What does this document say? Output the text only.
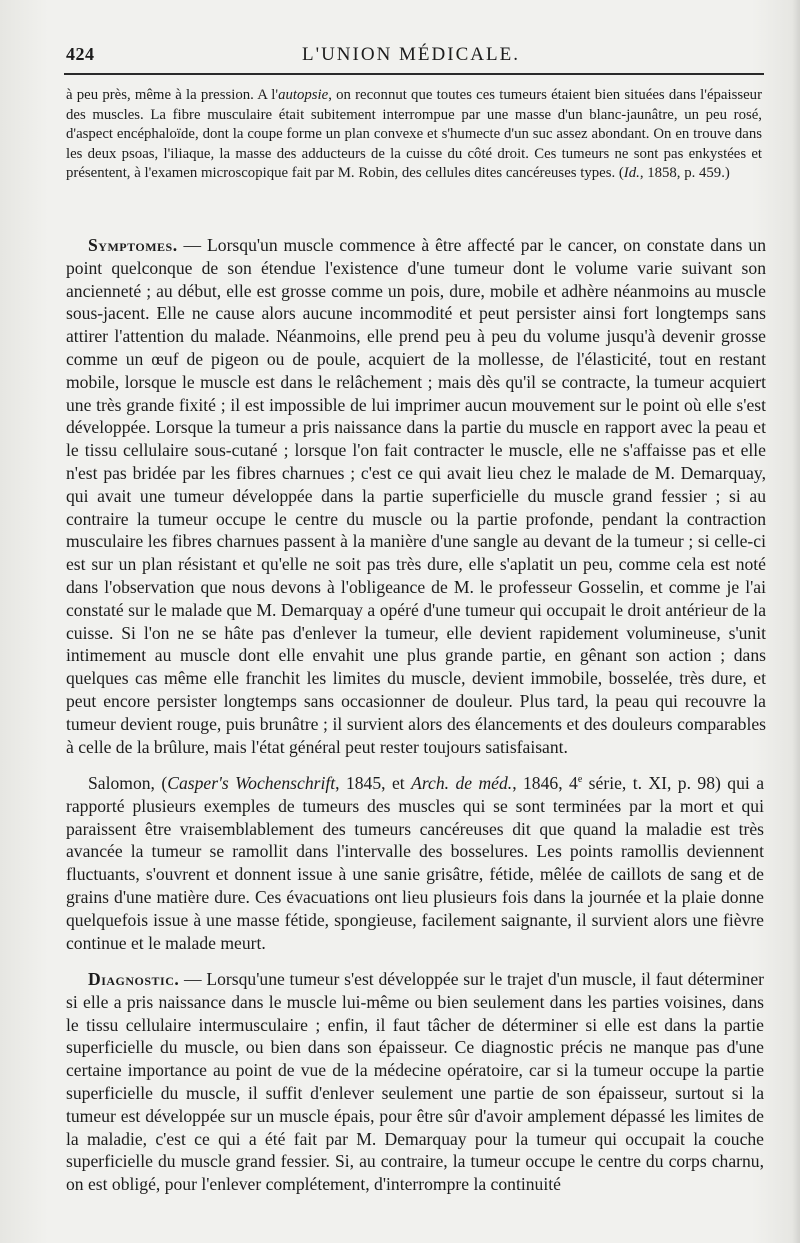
424	L'UNION MÉDICALE.

à peu près, même à la pression. A l'autopsie, on reconnut que toutes ces tumeurs étaient bien situées dans l'épaisseur des muscles. La fibre musculaire était subitement interrompue par une masse d'un blanc-jaunâtre, un peu rosé, d'aspect encéphaloïde, dont la coupe forme un plan convexe et s'humecte d'un suc assez abondant. On en trouve dans les deux psoas, l'iliaque, la masse des adducteurs de la cuisse du côté droit. Ces tumeurs ne sont pas enkystées et présentent, à l'examen microscopique fait par M. Robin, des cellules dites cancéreuses types. (Id., 1858, p. 459.)

Symptomes. — Lorsqu'un muscle commence à être affecté par le cancer, on constate dans un point quelconque de son étendue l'existence d'une tumeur dont le volume varie suivant son ancienneté ; au début, elle est grosse comme un pois, dure, mobile et adhère néanmoins au muscle sous-jacent. Elle ne cause alors aucune incommodité et peut persister ainsi fort longtemps sans attirer l'attention du malade. Néanmoins, elle prend peu à peu du volume jusqu'à devenir grosse comme un œuf de pigeon ou de poule, acquiert de la mollesse, de l'élasticité, tout en restant mobile, lorsque le muscle est dans le relâchement ; mais dès qu'il se contracte, la tumeur acquiert une très grande fixité ; il est impossible de lui imprimer aucun mouvement sur le point où elle s'est développée. Lorsque la tumeur a pris naissance dans la partie du muscle en rapport avec la peau et le tissu cellulaire sous-cutané ; lorsque l'on fait contracter le muscle, elle ne s'affaisse pas et elle n'est pas bridée par les fibres charnues ; c'est ce qui avait lieu chez le malade de M. Demarquay, qui avait une tumeur développée dans la partie superficielle du muscle grand fessier ; si au contraire la tumeur occupe le centre du muscle ou la partie profonde, pendant la contraction musculaire les fibres charnues passent à la manière d'une sangle au devant de la tumeur ; si celle-ci est sur un plan résistant et qu'elle ne soit pas très dure, elle s'aplatit un peu, comme cela est noté dans l'observation que nous devons à l'obligeance de M. le professeur Gosselin, et comme je l'ai constaté sur le malade que M. Demarquay a opéré d'une tumeur qui occupait le droit antérieur de la cuisse. Si l'on ne se hâte pas d'enlever la tumeur, elle devient rapidement volumineuse, s'unit intimement au muscle dont elle envahit une plus grande partie, en gênant son action ; dans quelques cas même elle franchit les limites du muscle, devient immobile, bosselée, très dure, et peut encore persister longtemps sans occasionner de douleur. Plus tard, la peau qui recouvre la tumeur devient rouge, puis brunâtre ; il survient alors des élancements et des douleurs comparables à celle de la brûlure, mais l'état général peut rester toujours satisfaisant.

Salomon, (Casper's Wochenschrift, 1845, et Arch. de méd., 1846, 4e série, t. XI, p. 98) qui a rapporté plusieurs exemples de tumeurs des muscles qui se sont terminées par la mort et qui paraissent être vraisemblablement des tumeurs cancéreuses dit que quand la maladie est très avancée la tumeur se ramollit dans l'intervalle des bosselures. Les points ramollis deviennent fluctuants, s'ouvrent et donnent issue à une sanie grisâtre, fétide, mêlée de caillots de sang et de grains d'une matière dure. Ces évacuations ont lieu plusieurs fois dans la journée et la plaie donne quelquefois issue à une masse fétide, spongieuse, facilement saignante, il survient alors une fièvre continue et le malade meurt.

Diagnostic. — Lorsqu'une tumeur s'est développée sur le trajet d'un muscle, il faut déterminer si elle a pris naissance dans le muscle lui-même ou bien seulement dans les parties voisines, dans le tissu cellulaire intermusculaire ; enfin, il faut tâcher de déterminer si elle est dans la partie superficielle du muscle, ou bien dans son épaisseur. Ce diagnostic précis ne manque pas d'une certaine importance au point de vue de la médecine opératoire, car si la tumeur occupe la partie superficielle du muscle, il suffit d'enlever seulement une partie de son épaisseur, surtout si la tumeur est développée sur un muscle épais, pour être sûr d'avoir amplement dépassé les limites de la maladie, c'est ce qui a été fait par M. Demarquay pour la tumeur qui occupait la couche superficielle du muscle grand fessier. Si, au contraire, la tumeur occupe le centre du corps charnu, on est obligé, pour l'enlever complétement, d'interrompre la continuité
